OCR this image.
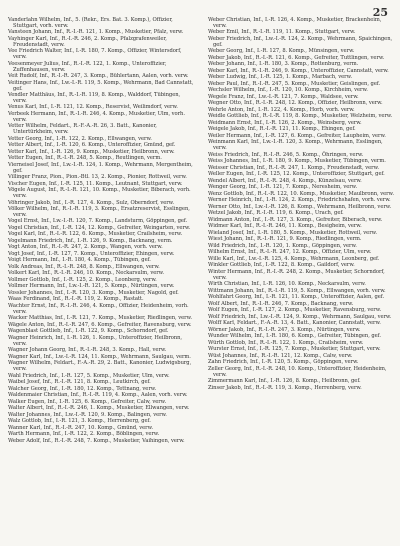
25

Vanderlahn Wilhelm, Inf., 5. (Rekr., Ers. Bat. 3. Komp.), Offizier, Stuttgart, vorh. verw.

Vansteen Johann, Inf., R.-I.-R. 121, 1. Komp., Musketier, Pfalz, verw.

Vayhinger Karl, Inf., R.-I.-R. 246, 2. Komp., Pfalzgrafenweiler, Freudenstadt, verw.

Vee Friedrich Walter, Inf., I.-R. 180, 7. Komp., Offizier, Wintersdorf, verw.

Veesenmeyer Julius, Inf., R.-I.-R. 122, 1. Komp., Unteroffizier, Zuffenhausen, verw.

Veit Rudolf, Inf., R.-I.-R. 247, 3. Komp., Bühlertann, Aalen, vorh. verw.

Veitinger Hans, Inf., Lw.-I.-R. 119, 5. Komp., Wehrmann, Bad Cannstatt, gef.

Vendler Matthäus, Inf., R.-I.-R. 119, 8. Komp., Walddorf, Tübingen, verw.

Venus Karl, Inf., I.-R. 121, 12. Komp., Reservist, Weilimdorf, verw.

Verbeek Hermann, Inf., R.-I.-R. 246, 4. Komp., Musketier, Ulm, vorh. verw.

Vetter Wilhelm, Feldart., R.-F.-A.-R. 26, 3. Batt., Kanonier, Untertürkheim, verw.

Vetter Georg, Inf., I.-R. 122, 2. Komp., Ellwangen, verw.

Vetter Albert, Inf., I.-R. 120, 6. Komp., Unteroffizier, Gmünd, gef.

Vetter Karl, Inf., I.-R. 126, 9. Komp., Musketier, Heilbronn, verw.

Vetter Eugen, Inf., R.-I.-R. 248, 5. Komp., Reutlingen, verm.

Vierneisel Josef, Inf., Lw.-I.-R. 124, 1. Komp., Wehrmann, Mergentheim, gef.

Villinger Franz, Pion., Pion.-Btl. 13, 2. Komp., Pionier, Rottweil, verw.

Vischer Eugen, Inf., I.-R. 125, 11. Komp., Leutnant, Stuttgart, verw.

Vögele August, Inf., R.-I.-R. 121, 10. Komp., Musketier, Biberach, vorh. verw.

Vöhringer Jakob, Inf., I.-R. 127, 4. Komp., Sulz, Oberndorf, verw.

Völker Wilhelm, Inf., R.-I.-R. 119, 3. Komp., Ersatzreservist, Esslingen, verw.

Vogel Ernst, Inf., Lw.-I.-R. 120, 7. Komp., Landsturm, Göppingen, gef.

Vogel Christian, Inf., I.-R. 124, 12. Komp., Gefreiter, Weingarten, verw.

Vogel Karl, Inf., R.-I.-R. 122, 6. Komp., Musketier, Crailsheim, verw.

Vogelmann Friedrich, Inf., I.-R. 126, 9. Komp., Backnang, verm.

Vogt Anton, Inf., R.-I.-R. 247, 2. Komp., Wangen, vorh. verw.

Vogt Josef, Inf., I.-R. 127, 7. Komp., Unteroffizier, Ehingen, verw.

Voigt Hermann, Inf., I.-R. 180, 4. Komp., Tübingen, gef.

Volk Andreas, Inf., R.-I.-R. 248, 8. Komp., Ellwangen, verw.

Volkert Karl, Inf., R.-I.-R. 246, 10. Komp., Neckarsulm, verw.

Vollmer Gottlob, Inf., I.-R. 125, 2. Komp., Leonberg, verw.

Vollmer Hermann, Inf., Lw.-I.-R. 121, 5. Komp., Nürtingen, verw.

Vossler Johannes, Inf., I.-R. 120, 3. Komp., Musketier, Nagold, gef.

Waas Ferdinand, Inf., R.-I.-R. 119, 2. Komp., Rastatt.

Wachter Ernst, Inf., R.-I.-R. 246, 4. Komp., Offizier, Heidenheim, vorh. verw.

Wacker Matthias, Inf., I.-R. 121, 7. Komp., Musketier, Riedlingen, verw.

Wägele Anton, Inf., R.-I.-R. 247, 6. Komp., Gefreiter, Ravensburg, verw.

Wagenblast Gottlieb, Inf., I.-R. 122, 9. Komp., Schorndorf, gef.

Wagner Heinrich, Inf., I.-R. 126, 1. Komp., Unteroffizier, Heilbronn, verw.

Wagner Johann Georg, Inf., R.-I.-R. 248, 3. Komp., Hall, verw.

Wagner Karl, Inf., Lw.-I.-R. 124, 11. Komp., Wehrmann, Saulgau, verm.

Wagner Wilhelm, Feldart., F.-A.-R. 29, 2. Batt., Kanonier, Ludwigsburg, verw.

Wahl Friedrich, Inf., I.-R. 127, 5. Komp., Musketier, Ulm, verw.

Waibel Josef, Inf., R.-I.-R. 121, 8. Komp., Leutkirch, gef.

Walcher Georg, Inf., I.-R. 180, 12. Komp., Tettnang, verw.

Waldenmaier Christian, Inf., R.-I.-R. 119, 4. Komp., Aalen, vorh. verw.

Walker Eugen, Inf., I.-R. 125, 6. Komp., Gefreiter, Calw, verw.

Walter Albert, Inf., R.-I.-R. 246, 1. Komp., Musketier, Ellwangen, verw.

Walter Johannes, Inf., Lw.-I.-R. 120, 9. Komp., Balingen, verw.

Walz Gottlob, Inf., I.-R. 121, 3. Komp., Herrenberg, gef.

Wanner Karl, Inf., R.-I.-R. 247, 10. Komp., Gmünd, verw.

Warth Hermann, Inf., I.-R. 122, 2. Komp., Böblingen, verw.

Weber Adolf, Inf., R.-I.-R. 248, 7. Komp., Musketier, Vaihingen, verw.

Weber Christian, Inf., I.-R. 126, 4. Komp., Musketier, Brackenheim, verw.

Weber Emil, Inf., R.-I.-R. 119, 11. Komp., Stuttgart, verw.

Weber Friedrich, Inf., Lw.-I.-R. 124, 2. Komp., Wehrmann, Spaichingen, gef.

Weber Georg, Inf., I.-R. 127, 8. Komp., Münsingen, verw.

Weber Jakob, Inf., R.-I.-R. 121, 6. Komp., Gefreiter, Tuttlingen, verw.

Weber Johann, Inf., I.-R. 180, 3. Komp., Rottenburg, verm.

Weber Karl, Inf., R.-I.-R. 246, 9. Komp., Unteroffizier, Cannstatt, verw.

Weber Ludwig, Inf., I.-R. 125, 1. Komp., Marbach, verw.

Weber Paul, Inf., R.-I.-R. 247, 5. Komp., Musketier, Geislingen, gef.

Wechsler Wilhelm, Inf., I.-R. 120, 10. Komp., Kirchheim, verw.

Wegele Franz, Inf., Lw.-I.-R. 121, 7. Komp., Waldsee, verw.

Wegner Otto, Inf., R.-I.-R. 248, 12. Komp., Offizier, Heilbronn, verw.

Wehrle Anton, Inf., I.-R. 122, 4. Komp., Horb, vorh. verw.

Weidle Gottlieb, Inf., R.-I.-R. 119, 8. Komp., Musketier, Welzheim, verw.

Weidmann Ernst, Inf., I.-R. 126, 2. Komp., Weinsberg, verw.

Weigele Jakob, Inf., R.-I.-R. 121, 11. Komp., Ehingen, gef.

Weiler Hermann, Inf., I.-R. 127, 6. Komp., Gefreiter, Laupheim, verw.

Weinmann Karl, Inf., Lw.-I.-R. 120, 3. Komp., Wehrmann, Esslingen, verw.

Weiss Friedrich, Inf., R.-I.-R. 246, 5. Komp., Öhringen, verw.

Weiss Johannes, Inf., I.-R. 180, 9. Komp., Musketier, Tübingen, verm.

Weisser Christian, Inf., R.-I.-R. 247, 1. Komp., Freudenstadt, verw.

Weller Eugen, Inf., I.-R. 125, 12. Komp., Unteroffizier, Stuttgart, gef.

Wendel Albert, Inf., R.-I.-R. 248, 4. Komp., Künzelsau, verw.

Wenger Georg, Inf., I.-R. 121, 7. Komp., Neresheim, verw.

Wenz Gottlob, Inf., R.-I.-R. 122, 10. Komp., Musketier, Maulbronn, verw.

Werner Heinrich, Inf., I.-R. 124, 2. Komp., Friedrichshafen, vorh. verw.

Werner Otto, Inf., Lw.-I.-R. 126, 8. Komp., Wehrmann, Heilbronn, verw.

Wetzel Jakob, Inf., R.-I.-R. 119, 6. Komp., Urach, gef.

Widmann Anton, Inf., I.-R. 127, 3. Komp., Gefreiter, Biberach, verw.

Widmer Karl, Inf., R.-I.-R. 246, 11. Komp., Besigheim, verw.

Wieland Josef, Inf., I.-R. 180, 5. Komp., Musketier, Rottweil, verw.

Wiest Johann, Inf., R.-I.-R. 121, 9. Komp., Riedlingen, verm.

Wild Friedrich, Inf., I.-R. 120, 1. Komp., Göppingen, verw.

Wilhelm Ernst, Inf., R.-I.-R. 247, 12. Komp., Offizier, Ulm, verw.

Wille Karl, Inf., Lw.-I.-R. 125, 4. Komp., Wehrmann, Leonberg, gef.

Winkler Gottlieb, Inf., I.-R. 122, 8. Komp., Gaildorf, verw.

Winter Hermann, Inf., R.-I.-R. 248, 2. Komp., Musketier, Schorndorf, verw.

Wirth Christian, Inf., I.-R. 126, 10. Komp., Neckarsulm, verw.

Wittmann Johann, Inf., R.-I.-R. 119, 5. Komp., Ellwangen, vorh. verw.

Wohlfahrt Georg, Inf., I.-R. 121, 11. Komp., Unteroffizier, Aalen, gef.

Wolf Albert, Inf., R.-I.-R. 246, 7. Komp., Backnang, verw.

Wolf Eugen, Inf., I.-R. 127, 2. Komp., Musketier, Ravensburg, verw.

Wolf Friedrich, Inf., Lw.-I.-R. 124, 9. Komp., Wehrmann, Saulgau, verw.

Wolff Karl, Feldart., F.-A.-R. 13, 4. Batt., Kanonier, Cannstatt, verw.

Wörner Jakob, Inf., R.-I.-R. 247, 3. Komp., Nürtingen, verw.

Wunder Wilhelm, Inf., I.-R. 180, 6. Komp., Gefreiter, Tübingen, gef.

Würth Gottlob, Inf., R.-I.-R. 122, 1. Komp., Crailsheim, verw.

Wurster Ernst, Inf., I.-R. 125, 7. Komp., Musketier, Stuttgart, verw.

Wüst Johannes, Inf., R.-I.-R. 121, 12. Komp., Calw, verw.

Zahn Friedrich, Inf., I.-R. 120, 5. Komp., Göppingen, verw.

Zeller Georg, Inf., R.-I.-R. 248, 10. Komp., Unteroffizier, Heidenheim, verw.

Zimmermann Karl, Inf., I.-R. 126, 8. Komp., Heilbronn, gef.

Zinser Jakob, Inf., R.-I.-R. 119, 3. Komp., Herrenberg, verw.
